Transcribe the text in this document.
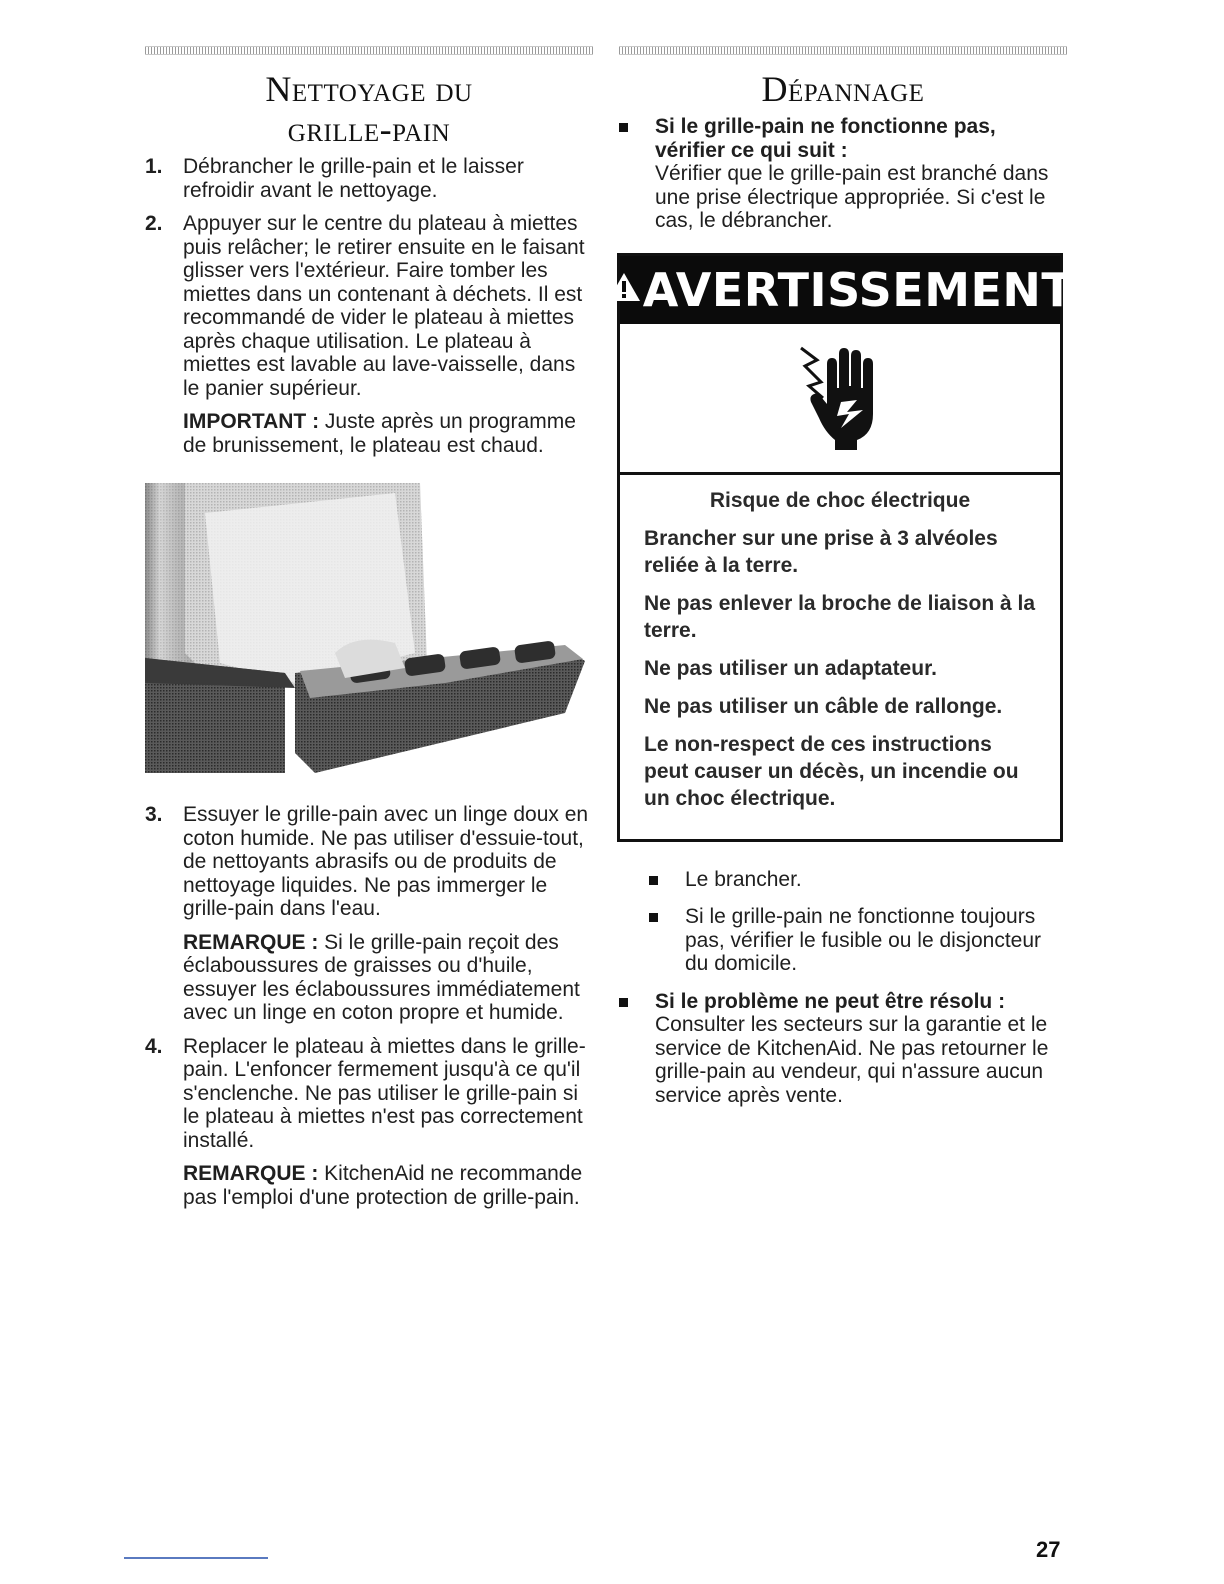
Nettoyage du
grille-pain
1. Débrancher le grille-pain et le laisser refroidir avant le nettoyage.

2. Appuyer sur le centre du plateau à miettes puis relâcher; le retirer ensuite en le faisant glisser vers l'extérieur. Faire tomber les miettes dans un contenant à déchets. Il est recommandé de vider le plateau à miettes après chaque utilisation. Le plateau à miettes est lavable au lave-vaisselle, dans le panier supérieur.

IMPORTANT : Juste après un programme de brunissement, le plateau est chaud.

3. Essuyer le grille-pain avec un linge doux en coton humide. Ne pas utiliser d'essuie-tout, de nettoyants abrasifs ou de produits de nettoyage liquides. Ne pas immerger le grille-pain dans l'eau.

REMARQUE : Si le grille-pain reçoit des éclaboussures de graisses ou d'huile, essuyer les éclaboussures immédiatement avec un linge en coton propre et humide.

4. Replacer le plateau à miettes dans le grille-pain. L'enfoncer fermement jusqu'à ce qu'il s'enclenche. Ne pas utiliser le grille-pain si le plateau à miettes n'est pas correctement installé.

REMARQUE : KitchenAid ne recommande pas l'emploi d'une protection de grille-pain.

Dépannage
Si le grille-pain ne fonctionne pas, vérifier ce qui suit :
Vérifier que le grille-pain est branché dans une prise électrique appropriée. Si c'est le cas, le débrancher.
AVERTISSEMENT
Risque de choc électrique
Brancher sur une prise à 3 alvéoles reliée à la terre.
Ne pas enlever la broche de liaison à la terre.
Ne pas utiliser un adaptateur.
Ne pas utiliser un câble de rallonge.
Le non-respect de ces instructions peut causer un décès, un incendie ou un choc électrique.
Le brancher.
Si le grille-pain ne fonctionne toujours pas, vérifier le fusible ou le disjoncteur du domicile.
Si le problème ne peut être résolu :
Consulter les secteurs sur la garantie et le service de KitchenAid. Ne pas retourner le grille-pain au vendeur, qui n'assure aucun service après vente.
27
